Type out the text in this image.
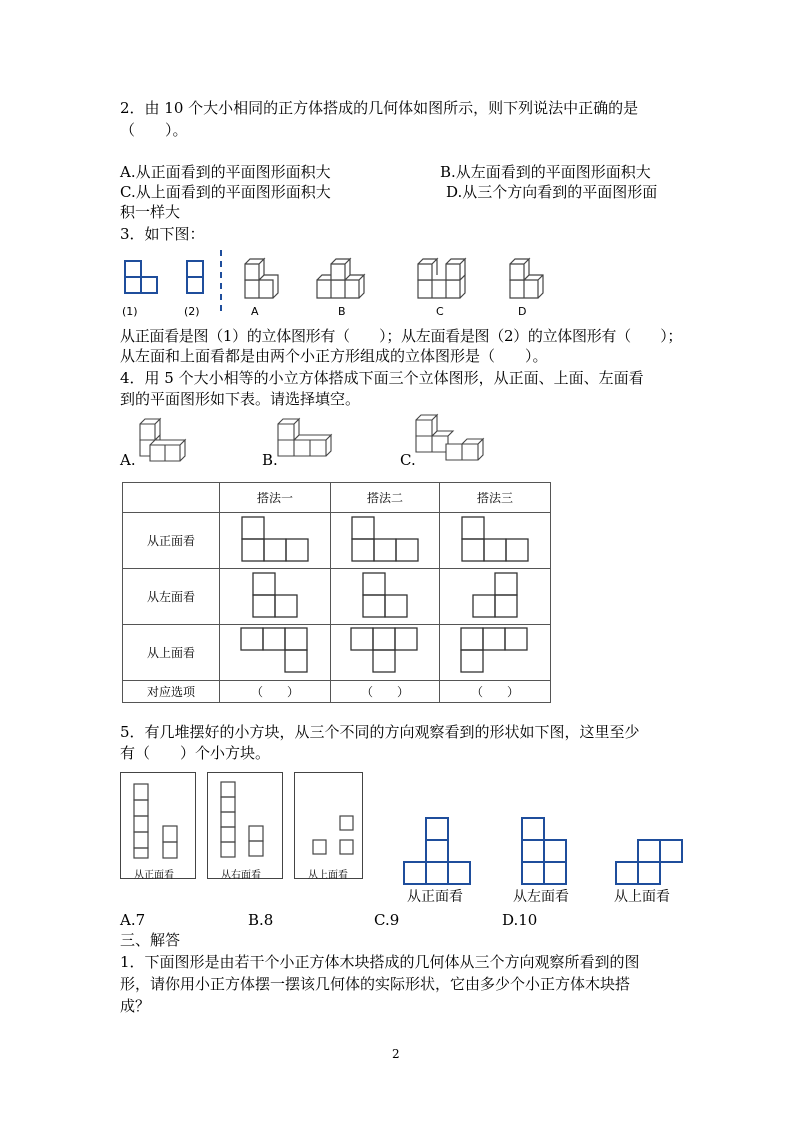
2．由 10 个大小相同的正方体搭成的几何体如图所示，则下列说法中正确的是
（　　）。
A.从正面看到的平面图形面积大	B.从左面看到的平面图形面积大
C.从上面看到的平面图形面积大	D.从三个方向看到的平面图形面
积一样大
3．如下图：
(1)	(2)	A	B	C	D
从正面看是图（1）的立体图形有（　　）；从左面看是图（2）的立体图形有（　　）；
从左面和上面看都是由两个小正方形组成的立体图形是（　　）。
4．用 5 个大小相等的小立方体搭成下面三个立体图形，从正面、上面、左面看
到的平面图形如下表。请选择填空。
A.	B.	C.
	搭法一	搭法二	搭法三
从正面看			
从左面看			
从上面看			
对应选项	（　　）	（　　）	（　　）
5．有几堆摆好的小方块，从三个不同的方向观察看到的形状如下图，这里至少
有（　　）个小方块。
从正面看	从右面看	从上面看
从正面看	从左面看	从上面看
A.7	B.8	C.9	D.10
三、解答
1．下面图形是由若干个小正方体木块搭成的几何体从三个方向观察所看到的图
形，请你用小正方体摆一摆该几何体的实际形状，它由多少个小正方体木块搭
成？
2
